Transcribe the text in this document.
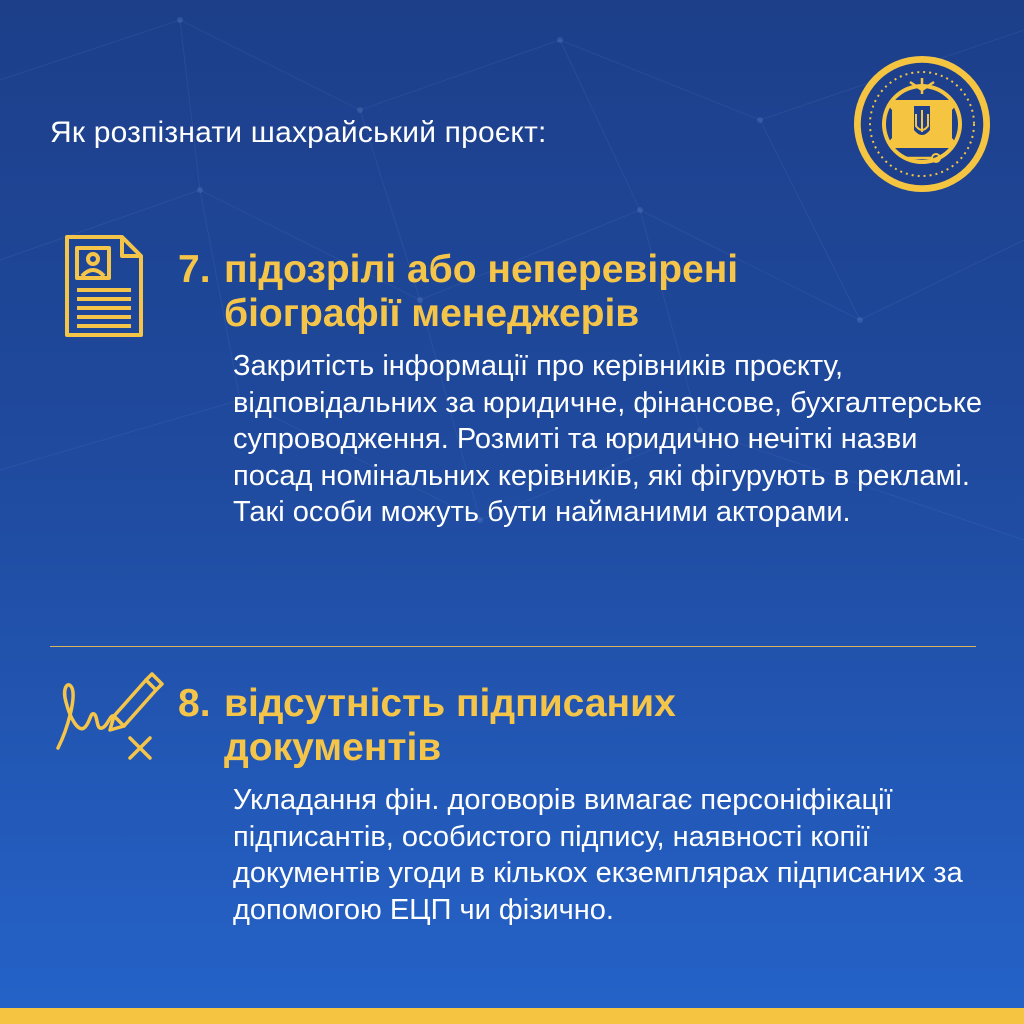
Як розпізнати шахрайський проєкт:
7. підозрілі або неперевірені
біографії менеджерів

Закритість інформації про керівників проєкту, відповідальних за юридичне, фінансове, бухгалтерське супроводження. Розмиті та юридично нечіткі назви посад номінальних керівників, які фігурують в рекламі. Такі особи можуть бути найманими акторами.

8. відсутність підписаних
документів

Укладання фін. договорів вимагає персоніфікації підписантів, особистого підпису, наявності копії документів угоди в кількох екземплярах підписаних за допомогою ЕЦП чи фізично.
